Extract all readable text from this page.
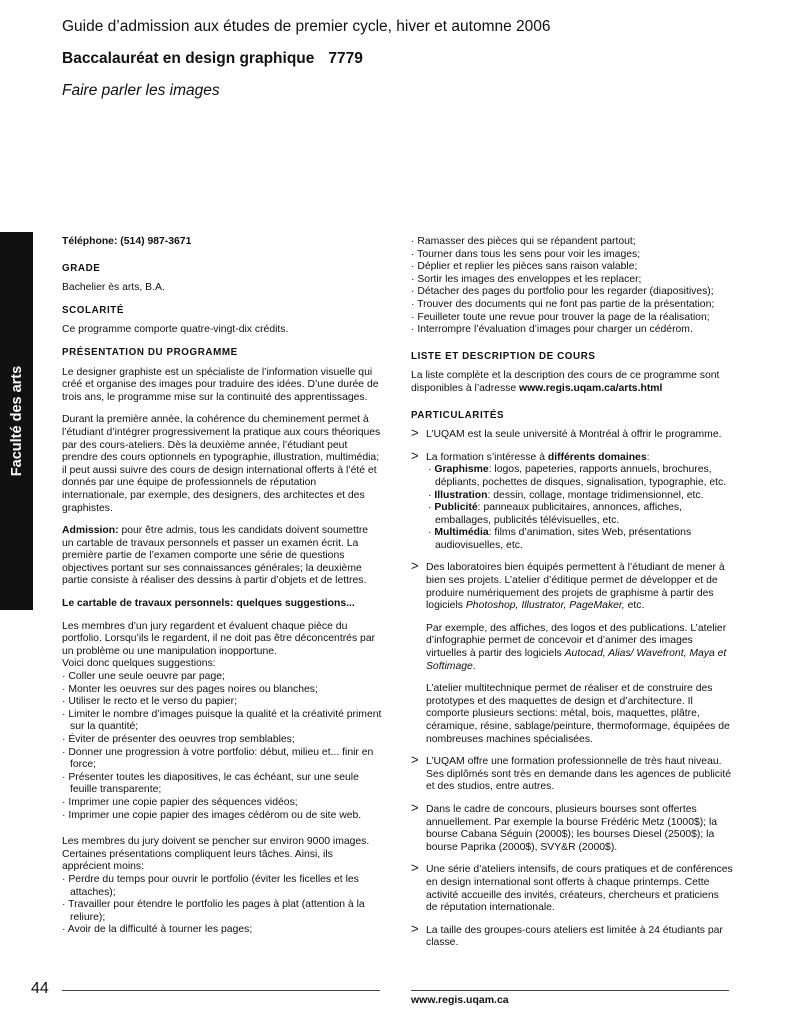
Guide d’admission aux études de premier cycle, hiver et automne 2006
Baccalauréat en design graphique 7779
Faire parler les images
Faculté des arts

Téléphone: (514) 987-3671

GRADE

Bachelier ès arts, B.A.

SCOLARITÉ

Ce programme comporte quatre-vingt-dix crédits.

PRÉSENTATION DU PROGRAMME

Le designer graphiste est un spécialiste de l’information visuelle qui créé et organise des images pour traduire des idées. D’une durée de trois ans, le programme mise sur la continuité des apprentissages.

Durant la première année, la cohérence du cheminement permet à l’étudiant d’intégrer progressivement la pratique aux cours théoriques par des cours-ateliers. Dès la deuxième année, l’étudiant peut prendre des cours optionnels en typographie, illustration, multimédia; il peut aussi suivre des cours de design international offerts à l’été et donnés par une équipe de professionnels de réputation internationale, par exemple, des designers, des architectes et des graphistes.

Admission: pour être admis, tous les candidats doivent soumettre un cartable de travaux personnels et passer un examen écrit. La première partie de l’examen comporte une série de questions objectives portant sur ses connaissances générales; la deuxième partie consiste à réaliser des dessins à partir d’objets et de lettres.

Le cartable de travaux personnels: quelques suggestions...

Les membres d’un jury regardent et évaluent chaque pièce du portfolio. Lorsqu’ils le regardent, il ne doit pas être déconcentrés par un problème ou une manipulation inopportune.

Voici donc quelques suggestions:
· Coller une seule oeuvre par page;
· Monter les oeuvres sur des pages noires ou blanches;
· Utiliser le recto et le verso du papier;
· Limiter le nombre d’images puisque la qualité et la créativité priment sur la quantité;
· Éviter de présenter des oeuvres trop semblables;
· Donner une progression à votre portfolio: début, milieu et... finir en force;
· Présenter toutes les diapositives, le cas échéant, sur une seule feuille transparente;
· Imprimer une copie papier des séquences vidéos;
· Imprimer une copie papier des images cédérom ou de site web.

Les membres du jury doivent se pencher sur environ 9000 images. Certaines présentations compliquent leurs tâches. Ainsi, ils apprécient moins:

· Perdre du temps pour ouvrir le portfolio (éviter les ficelles et les attaches);
· Travailler pour étendre le portfolio les pages à plat (attention à la reliure);
· Avoir de la difficulté à tourner les pages;
· Ramasser des pièces qui se répandent partout;
· Tourner dans tous les sens pour voir les images;
· Déplier et replier les pièces sans raison valable;
· Sortir les images des enveloppes et les replacer;
· Détacher des pages du portfolio pour les regarder (diapositives);
· Trouver des documents qui ne font pas partie de la présentation;
· Feuilleter toute une revue pour trouver la page de la réalisation;
· Interrompre l’évaluation d’images pour charger un cédérom.
LISTE ET DESCRIPTION DE COURS

La liste complète et la description des cours de ce programme sont disponibles à l’adresse www.regis.uqam.ca/arts.html

PARTICULARITÉS
> L’UQAM est la seule université à Montréal à offrir le programme.

> La formation s’intéresse à différents domaines:
· Graphisme: logos, papeteries, rapports annuels, brochures, dépliants, pochettes de disques, signalisation, typographie, etc.
· Illustration: dessin, collage, montage tridimensionnel, etc.
· Publicité: panneaux publicitaires, annonces, affiches, emballages, publicités télévisuelles, etc.
· Multimédia: films d’animation, sites Web, présentations audiovisuelles, etc.
> Des laboratoires bien équipés permettent à l’étudiant de mener à bien ses projets. L’atelier d’éditique permet de développer et de produire numériquement des projets de graphisme à partir des logiciels Photoshop, Illustrator, PageMaker, etc.

Par exemple, des affiches, des logos et des publications. L’atelier d’infographie permet de concevoir et d’animer des images virtuelles à partir des logiciels Autocad, Alias/ Wavefront, Maya et Softimage.

L’atelier multitechnique permet de réaliser et de construire des prototypes et des maquettes de design et d’architecture. Il comporte plusieurs sections: métal, bois, maquettes, plâtre, céramique, résine, sablage/peinture, thermoformage, équipées de nombreuses machines spécialisées.

> L’UQAM offre une formation professionnelle de très haut niveau. Ses diplômés sont très en demande dans les agences de publicité et des studios, entre autres.

> Dans le cadre de concours, plusieurs bourses sont offertes annuellement. Par exemple la bourse Frédéric Metz (1000$); la bourse Cabana Séguin (2000$); les bourses Diesel (2500$); la bourse Paprika (2000$), SVY&R (2000$).

> Une série d’ateliers intensifs, de cours pratiques et de conférences en design international sont offerts à chaque printemps. Cette activité accueille des invités, créateurs, chercheurs et praticiens de réputation internationale.

> La taille des groupes-cours ateliers est limitée à 24 étudiants par classe.

44
www.regis.uqam.ca
